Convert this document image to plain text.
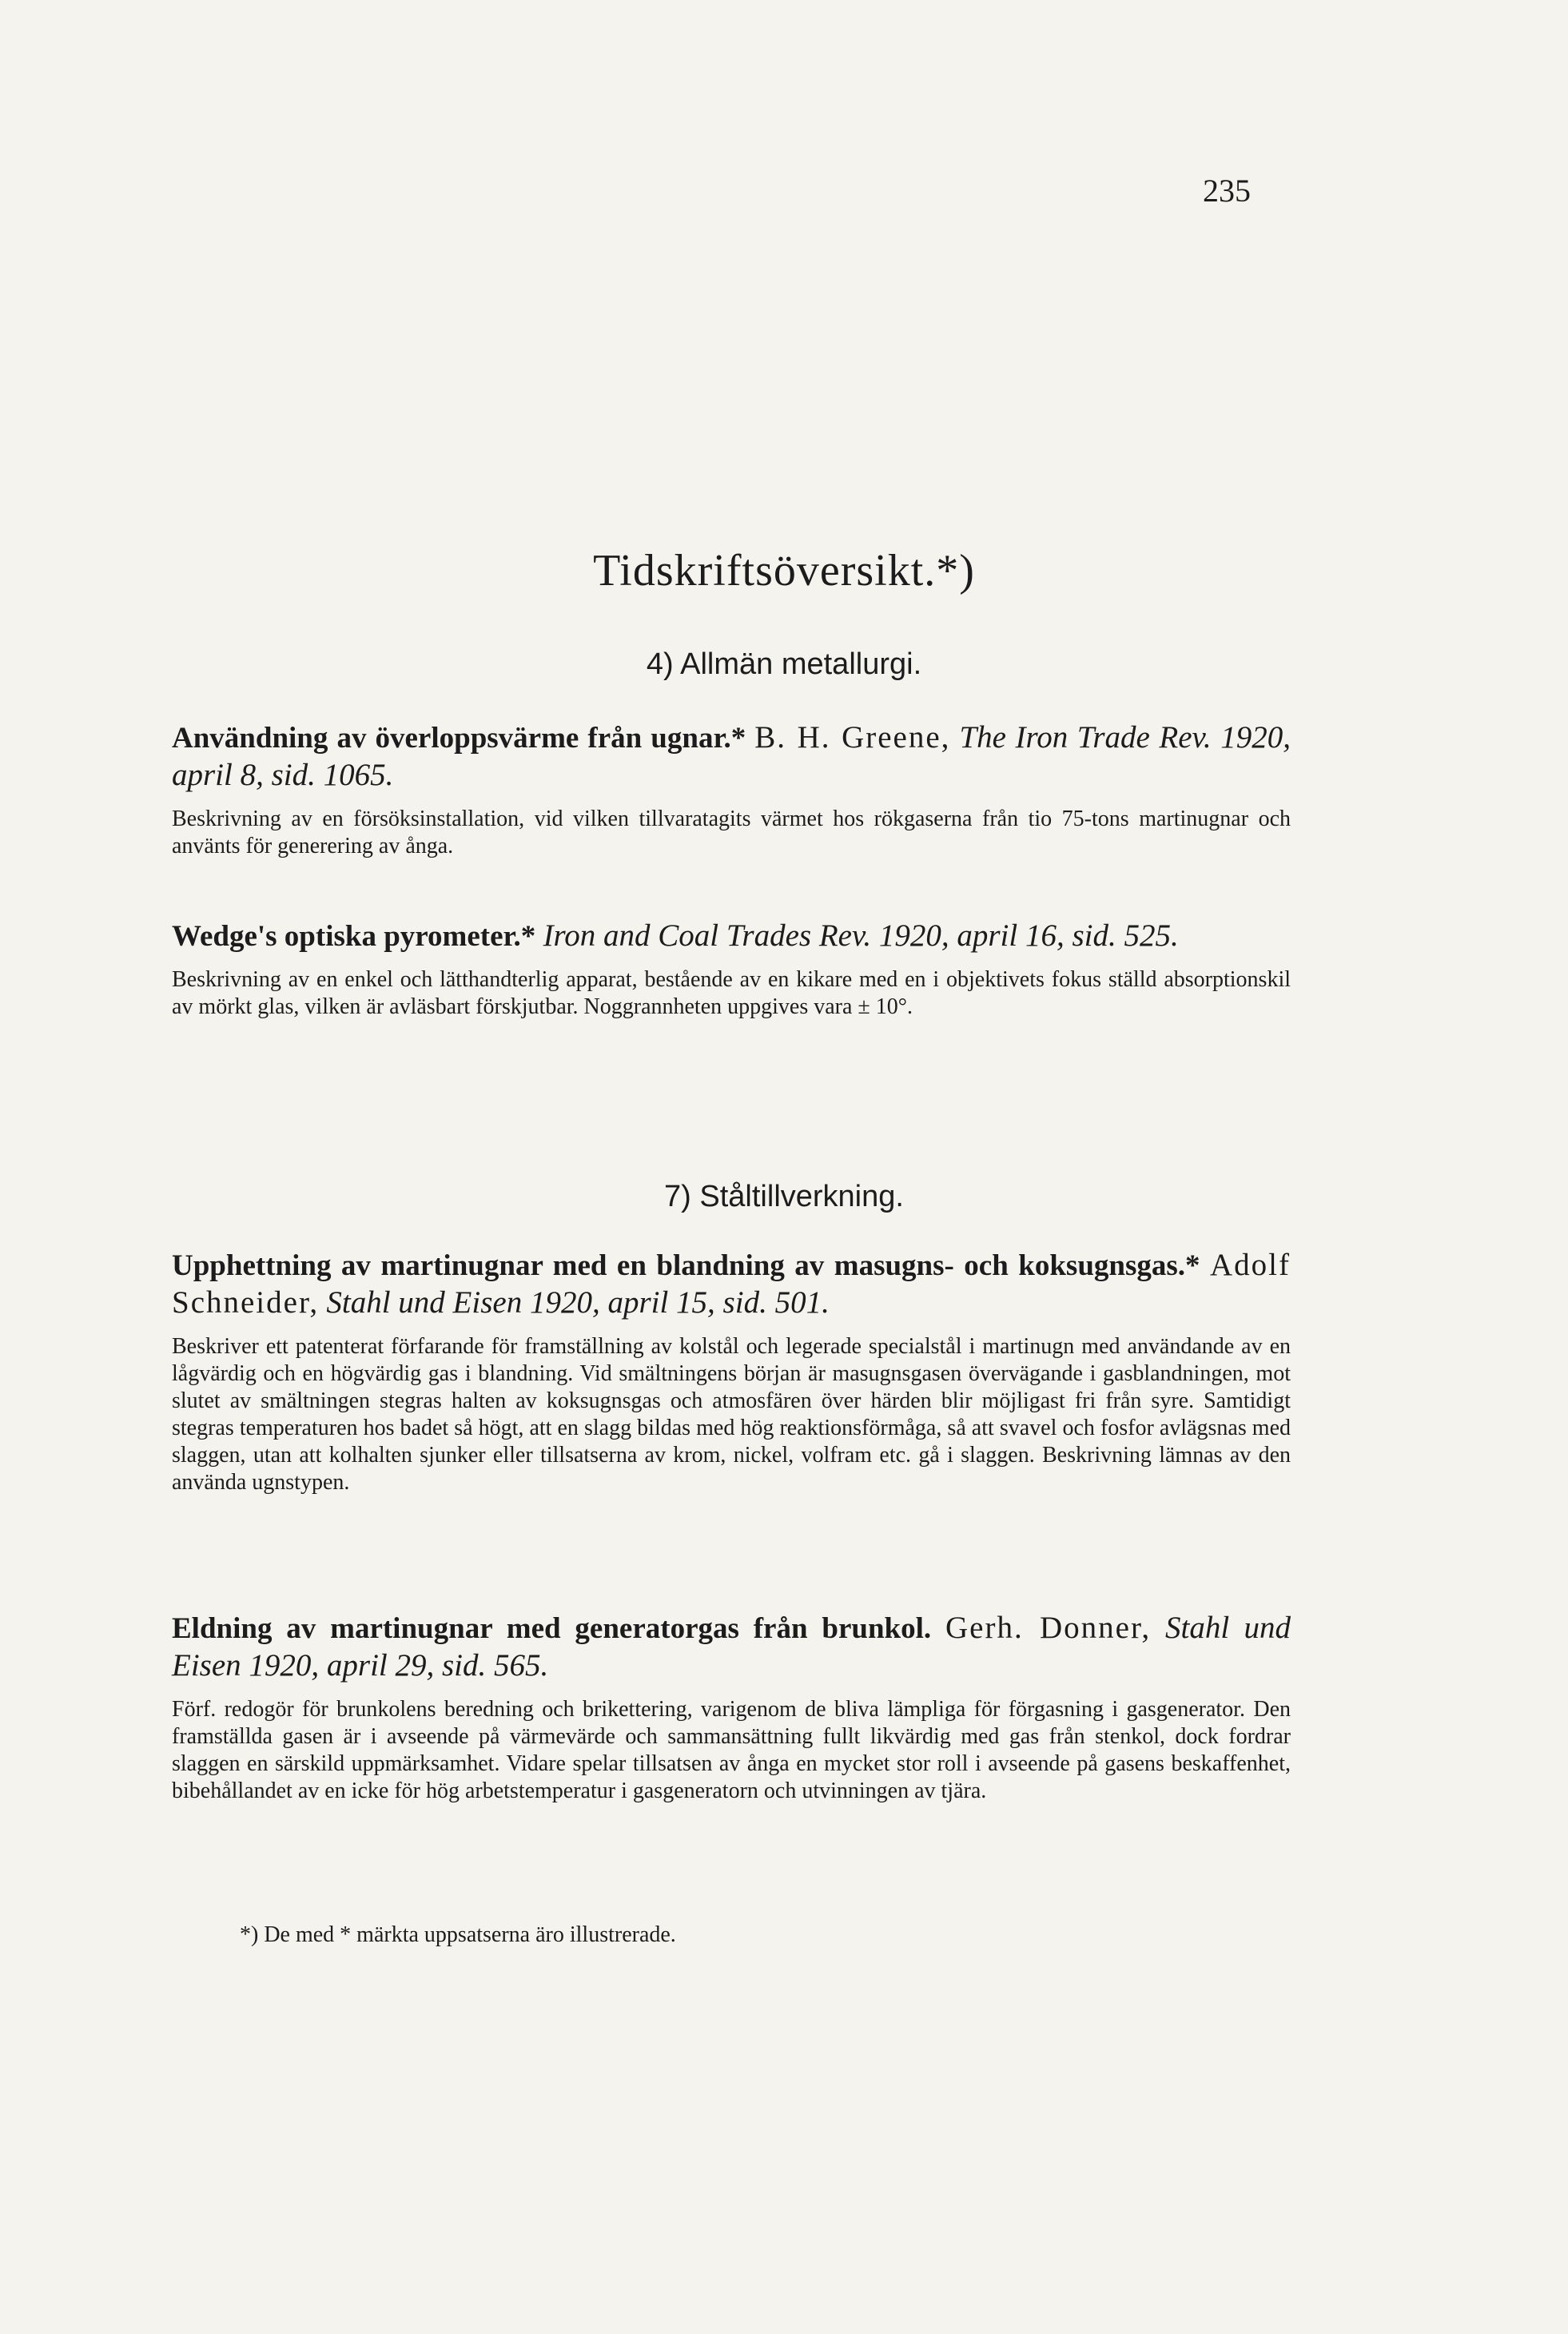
235
Tidskriftsöversikt.*)
4) Allmän metallurgi.
Användning av överloppsvärme från ugnar.* B. H. Greene, The Iron Trade Rev. 1920, april 8, sid. 1065.
Beskrivning av en försöksinstallation, vid vilken tillvaratagits värmet hos rökgaserna från tio 75-tons martinugnar och använts för generering av ånga.
Wedge's optiska pyrometer.* Iron and Coal Trades Rev. 1920, april 16, sid. 525.
Beskrivning av en enkel och lätthandterlig apparat, bestående av en kikare med en i objektivets fokus ställd absorptionskil av mörkt glas, vilken är avläsbart förskjutbar. Noggrannheten uppgives vara ± 10°.
7) Ståltillverkning.
Upphettning av martinugnar med en blandning av masugns- och koksugnsgas.* Adolf Schneider, Stahl und Eisen 1920, april 15, sid. 501.
Beskriver ett patenterat förfarande för framställning av kolstål och legerade specialstål i martinugn med användande av en lågvärdig och en högvärdig gas i blandning. Vid smältningens början är masugnsgasen övervägande i gasblandningen, mot slutet av smältningen stegras halten av koksugnsgas och atmosfären över härden blir möjligast fri från syre. Samtidigt stegras temperaturen hos badet så högt, att en slagg bildas med hög reaktionsförmåga, så att svavel och fosfor avlägsnas med slaggen, utan att kolhalten sjunker eller tillsatserna av krom, nickel, volfram etc. gå i slaggen. Beskrivning lämnas av den använda ugnstypen.
Eldning av martinugnar med generatorgas från brunkol. Gerh. Donner, Stahl und Eisen 1920, april 29, sid. 565.
Förf. redogör för brunkolens beredning och brikettering, varigenom de bliva lämpliga för förgasning i gasgenerator. Den framställda gasen är i avseende på värmevärde och sammansättning fullt likvärdig med gas från stenkol, dock fordrar slaggen en särskild uppmärksamhet. Vidare spelar tillsatsen av ånga en mycket stor roll i avseende på gasens beskaffenhet, bibehållandet av en icke för hög arbetstemperatur i gasgeneratorn och utvinningen av tjära.
*) De med * märkta uppsatserna äro illustrerade.
